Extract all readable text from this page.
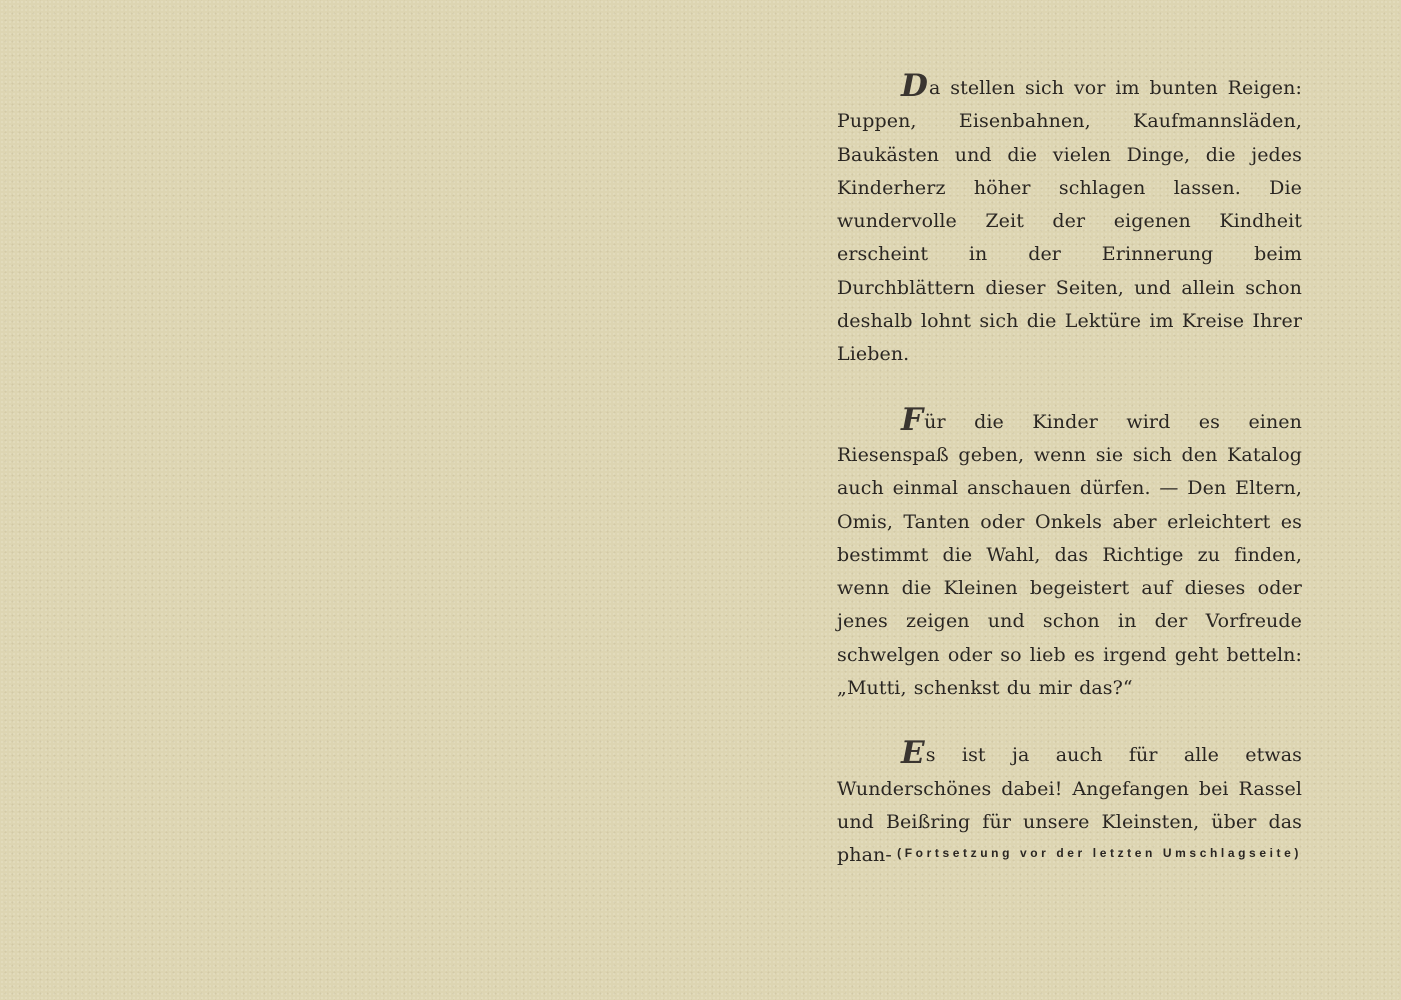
Da stellen sich vor im bunten Reigen: Puppen, Eisenbahnen, Kaufmannsläden, Baukästen und die vielen Dinge, die jedes Kinderherz höher schlagen lassen. Die wundervolle Zeit der eigenen Kindheit erscheint in der Erinnerung beim Durchblättern dieser Seiten, und allein schon deshalb lohnt sich die Lektüre im Kreise Ihrer Lieben.

Für die Kinder wird es einen Riesenspaß geben, wenn sie sich den Katalog auch einmal anschauen dürfen. — Den Eltern, Omis, Tanten oder Onkels aber erleichtert es bestimmt die Wahl, das Richtige zu finden, wenn die Kleinen begeistert auf dieses oder jenes zeigen und schon in der Vorfreude schwelgen oder so lieb es irgend geht betteln: „Mutti, schenkst du mir das?“

Es ist ja auch für alle etwas Wunderschönes dabei! Angefangen bei Rassel und Beißring für unsere Kleinsten, über das phan- (Fortsetzung vor der letzten Umschlagseite)
